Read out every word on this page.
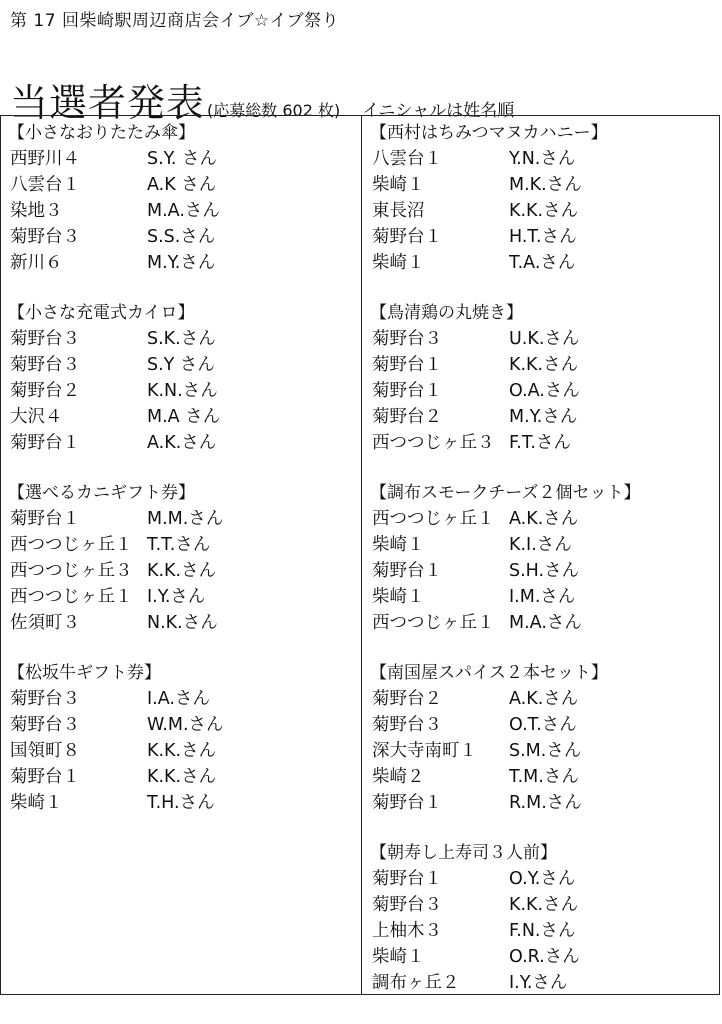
第 17 回柴崎駅周辺商店会イブ☆イブ祭り
当選者発表 (応募総数 602 枚) イニシャルは姓名順
【小さなおりたたみ傘】
西野川４	S.Y. さん
八雲台１	A.K さん
染地３	M.A.さん
菊野台３	S.S.さん
新川６	M.Y.さん
【小さな充電式カイロ】
菊野台３	S.K.さん
菊野台３	S.Y さん
菊野台２	K.N.さん
大沢４	M.A さん
菊野台１	A.K.さん
【選べるカニギフト券】
菊野台１	M.M.さん
西つつじヶ丘１ T.T.さん
西つつじヶ丘３ K.K.さん
西つつじヶ丘１ I.Y.さん
佐須町３	N.K.さん
【松坂牛ギフト券】
菊野台３	I.A.さん
菊野台３	W.M.さん
国領町８	K.K.さん
菊野台１	K.K.さん
柴崎１	T.H.さん
【西村はちみつマヌカハニー】
八雲台１	Y.N.さん
柴崎１	M.K.さん
東長沼	K.K.さん
菊野台１	H.T.さん
柴崎１	T.A.さん
【鳥清鶏の丸焼き】
菊野台３	U.K.さん
菊野台１	K.K.さん
菊野台１	O.A.さん
菊野台２	M.Y.さん
西つつじヶ丘３ F.T.さん
【調布スモークチーズ２個セット】
西つつじヶ丘１ A.K.さん
柴崎１	K.I.さん
菊野台１	S.H.さん
柴崎１	I.M.さん
西つつじヶ丘１ M.A.さん
【南国屋スパイス２本セット】
菊野台２	A.K.さん
菊野台３	O.T.さん
深大寺南町１ S.M.さん
柴崎２	T.M.さん
菊野台１	R.M.さん
【朝寿し上寿司３人前】
菊野台１	O.Y.さん
菊野台３	K.K.さん
上柚木３	F.N.さん
柴崎１	O.R.さん
調布ヶ丘２	I.Y.さん
